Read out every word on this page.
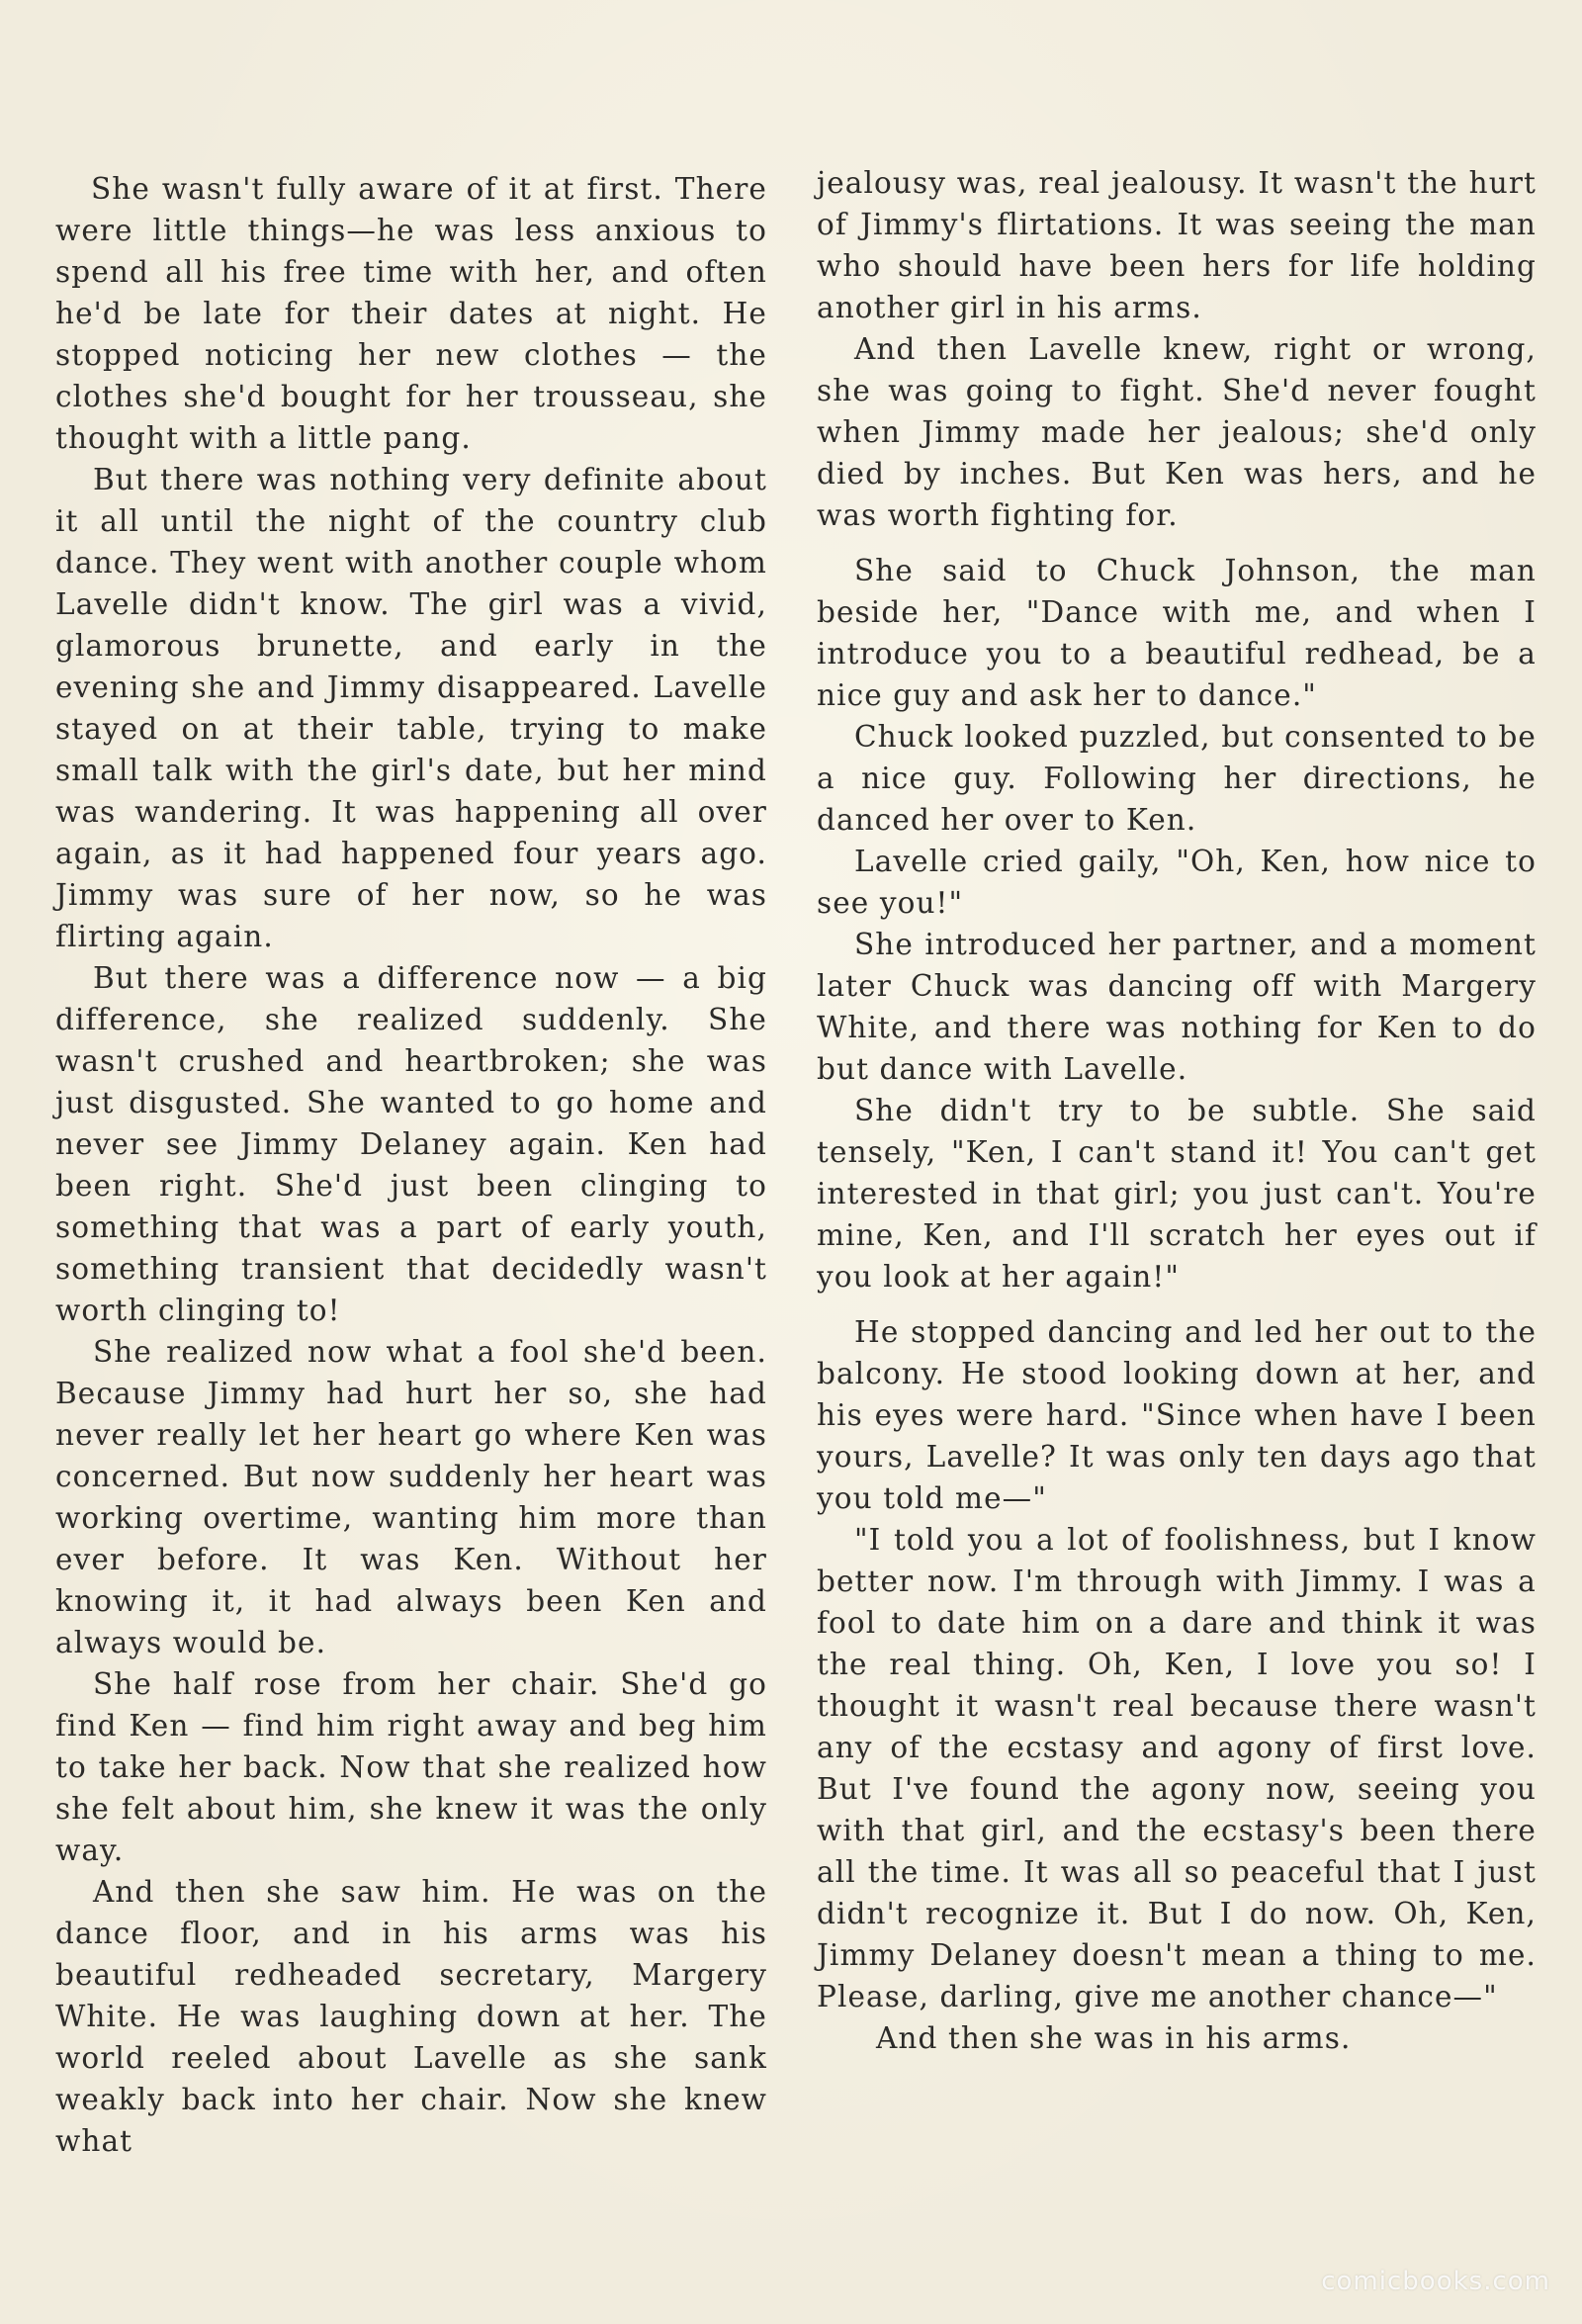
She wasn't fully aware of it at first. There were little things—he was less anxious to spend all his free time with her, and often he'd be late for their dates at night. He stopped noticing her new clothes — the clothes she'd bought for her trousseau, she thought with a little pang.

But there was nothing very definite about it all until the night of the country club dance. They went with another couple whom Lavelle didn't know. The girl was a vivid, glamorous brunette, and early in the evening she and Jimmy disappeared. Lavelle stayed on at their table, trying to make small talk with the girl's date, but her mind was wandering. It was happening all over again, as it had happened four years ago. Jimmy was sure of her now, so he was flirting again.

But there was a difference now — a big difference, she realized suddenly. She wasn't crushed and heartbroken; she was just disgusted. She wanted to go home and never see Jimmy Delaney again. Ken had been right. She'd just been clinging to something that was a part of early youth, something transient that decidedly wasn't worth clinging to!

She realized now what a fool she'd been. Because Jimmy had hurt her so, she had never really let her heart go where Ken was concerned. But now suddenly her heart was working overtime, wanting him more than ever before. It was Ken. Without her knowing it, it had always been Ken and always would be.

She half rose from her chair. She'd go find Ken — find him right away and beg him to take her back. Now that she realized how she felt about him, she knew it was the only way.

And then she saw him. He was on the dance floor, and in his arms was his beautiful redheaded secretary, Margery White. He was laughing down at her. The world reeled about Lavelle as she sank weakly back into her chair. Now she knew what

jealousy was, real jealousy. It wasn't the hurt of Jimmy's flirtations. It was seeing the man who should have been hers for life holding another girl in his arms.

And then Lavelle knew, right or wrong, she was going to fight. She'd never fought when Jimmy made her jealous; she'd only died by inches. But Ken was hers, and he was worth fighting for.

She said to Chuck Johnson, the man beside her, "Dance with me, and when I introduce you to a beautiful redhead, be a nice guy and ask her to dance."

Chuck looked puzzled, but consented to be a nice guy. Following her directions, he danced her over to Ken.

Lavelle cried gaily, "Oh, Ken, how nice to see you!"

She introduced her partner, and a moment later Chuck was dancing off with Margery White, and there was nothing for Ken to do but dance with Lavelle.

She didn't try to be subtle. She said tensely, "Ken, I can't stand it! You can't get interested in that girl; you just can't. You're mine, Ken, and I'll scratch her eyes out if you look at her again!"

He stopped dancing and led her out to the balcony. He stood looking down at her, and his eyes were hard. "Since when have I been yours, Lavelle? It was only ten days ago that you told me—"

"I told you a lot of foolishness, but I know better now. I'm through with Jimmy. I was a fool to date him on a dare and think it was the real thing. Oh, Ken, I love you so! I thought it wasn't real because there wasn't any of the ecstasy and agony of first love. But I've found the agony now, seeing you with that girl, and the ecstasy's been there all the time. It was all so peaceful that I just didn't recognize it. But I do now. Oh, Ken, Jimmy Delaney doesn't mean a thing to me. Please, darling, give me another chance—"

And then she was in his arms.

comicbooks.com
